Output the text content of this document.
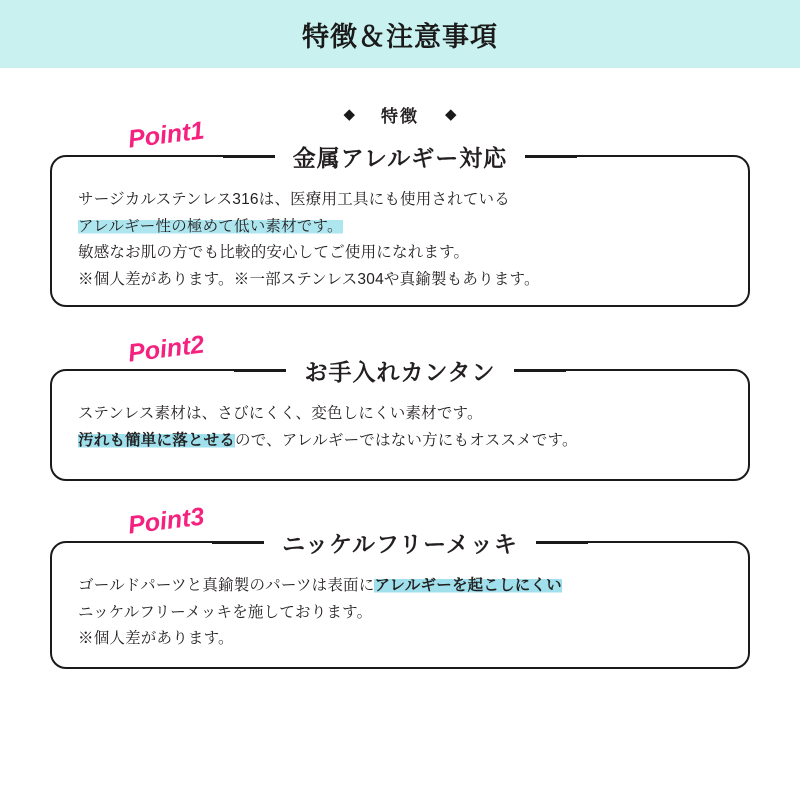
特徴＆注意事項
◆ 特徴 ◆
Point1
金属アレルギー対応
サージカルステンレス316は、医療用工具にも使用されている
アレルギー性の極めて低い素材です。
敏感なお肌の方でも比較的安心してご使用になれます。
※個人差があります。※一部ステンレス304や真鍮製もあります。
Point2
お手入れカンタン
ステンレス素材は、さびにくく、変色しにくい素材です。
汚れも簡単に落とせるので、アレルギーではない方にもオススメです。
Point3
ニッケルフリーメッキ
ゴールドパーツと真鍮製のパーツは表面にアレルギーを起こしにくい
ニッケルフリーメッキを施しております。
※個人差があります。
